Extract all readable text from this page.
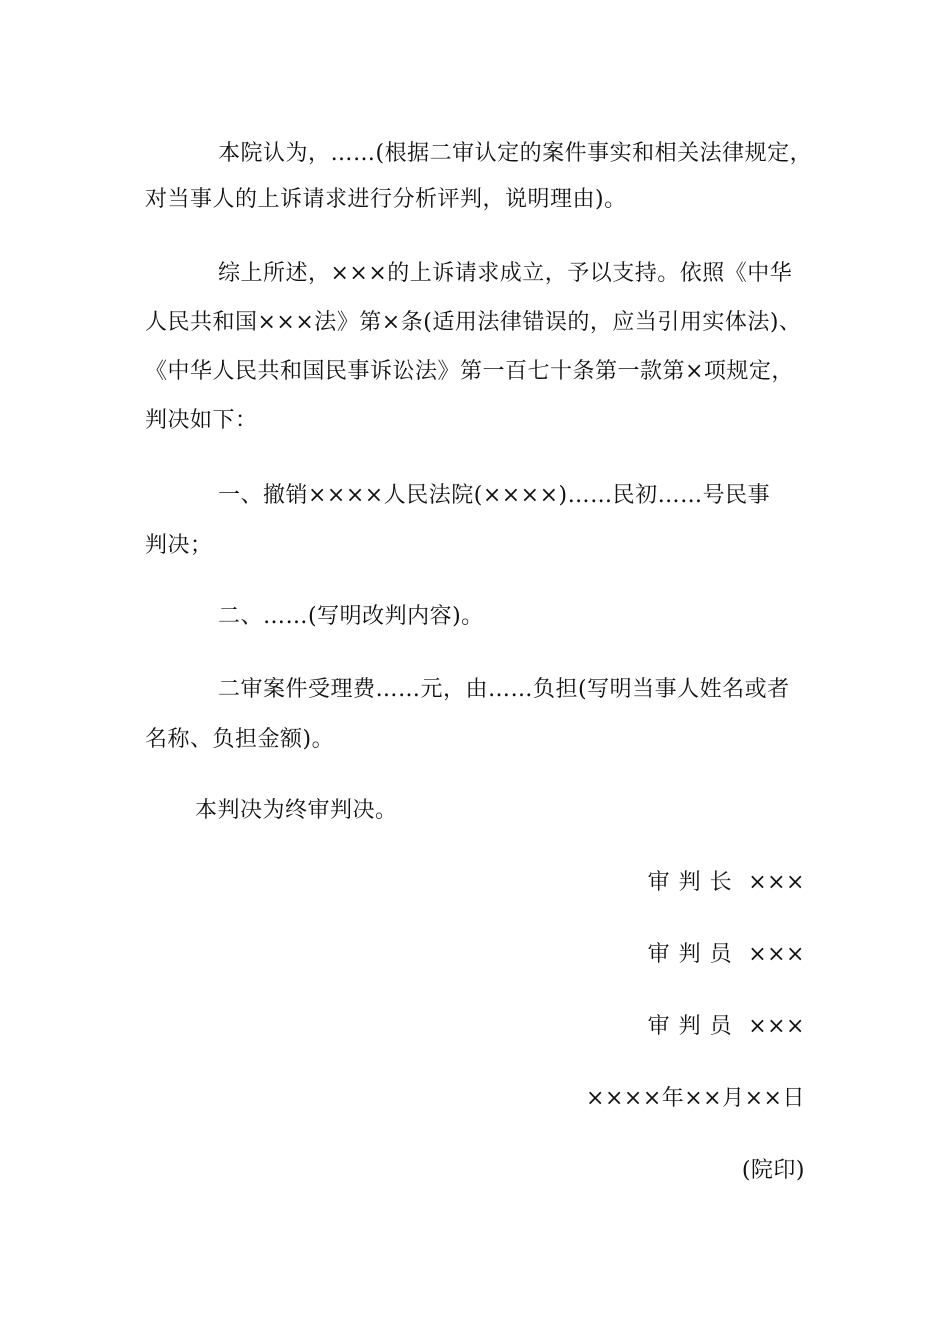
本院认为，……(根据二审认定的案件事实和相关法律规定，
对当事人的上诉请求进行分析评判，说明理由)。
综上所述，×××的上诉请求成立，予以支持。依照《中华
人民共和国×××法》第×条(适用法律错误的，应当引用实体法)、
《中华人民共和国民事诉讼法》第一百七十条第一款第×项规定，
判决如下：
一、撤销××××人民法院(××××)……民初……号民事
判决；
二、……(写明改判内容)。
二审案件受理费……元，由……负担(写明当事人姓名或者
名称、负担金额)。
本判决为终审判决。
审判长 ×××
审判员 ×××
审判员 ×××
××××年××月××日
(院印)
